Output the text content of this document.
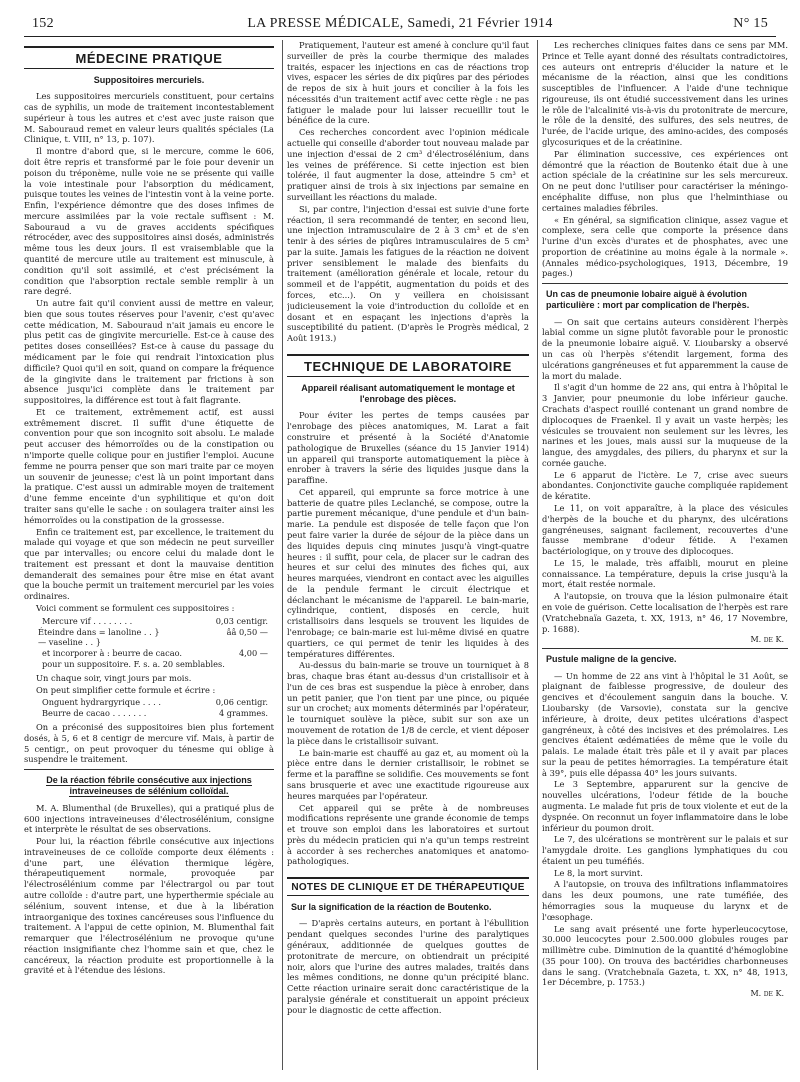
152	LA PRESSE MÉDICALE, Samedi, 21 Février 1914	N° 15
MÉDECINE PRATIQUE
Suppositoires mercuriels.

Les suppositoires mercuriels constituent, pour certains cas de syphilis, un mode de traitement incontestablement supérieur à tous les autres et c'est avec juste raison que M. Sabouraud remet en valeur leurs qualités spéciales (La Clinique, t. VIII, n° 13, p. 107).

Il montre d'abord que, si le mercure, comme le 606, doit être repris et transformé par le foie pour devenir un poison du tréponème, nulle voie ne se présente qui vaille la voie intestinale pour l'absorption du médicament, puisque toutes les veines de l'intestin vont à la veine porte. Enfin, l'expérience démontre que des doses infimes de mercure assimilées par la voie rectale suffisent : M. Sabouraud a vu de graves accidents spécifiques rétrocéder, avec des suppositoires ainsi dosés, administrés même tous les deux jours. Il est vraisemblable que la quantité de mercure utile au traitement est minuscule, à condition qu'il soit assimilé, et c'est précisément la condition que l'absorption rectale semble remplir à un rare degré.

Un autre fait qu'il convient aussi de mettre en valeur, bien que sous toutes réserves pour l'avenir, c'est qu'avec cette médication, M. Sabouraud n'ait jamais eu encore le plus petit cas de gingivite mercurielle. Est-ce à cause des petites doses conseillées? Est-ce à cause du passage du médicament par le foie qui rendrait l'intoxication plus difficile? Quoi qu'il en soit, quand on compare la fréquence de la gingivite dans le traitement par frictions à son absence jusqu'ici complète dans le traitement par suppositoires, la différence est tout à fait flagrante.

Et ce traitement, extrêmement actif, est aussi extrêmement discret. Il suffit d'une étiquette de convention pour que son incognito soit absolu. Le malade peut accuser des hémorroïdes ou de la constipation ou n'importe quelle colique pour en justifier l'emploi. Aucune femme ne pourra penser que son mari traite par ce moyen un souvenir de jeunesse; c'est là un point important dans la pratique. C'est aussi un admirable moyen de traitement d'une femme enceinte d'un syphilitique et qu'on doit traiter sans qu'elle le sache : on soulagera traiter ainsi les hémorroïdes ou la constipation de la grossesse.

Enfin ce traitement est, par excellence, le traitement du malade qui voyage et que son médecin ne peut surveiller que par intervalles; ou encore celui du malade dont le traitement est pressant et dont la mauvaise dentition demanderait des semaines pour être mise en état avant que la bouche permit un traitement mercuriel par les voies ordinaires.

Voici comment se formulent ces suppositoires :

Mercure vif . . . . . . . .	0,03 centigr.
Éteindre dans = lanoline . . }	ââ 0,50 —
— vaseline . . }
et incorporer à : beurre de cacao.	4,00 —
pour un suppositoire. F. s. a. 20 semblables.

Un chaque soir, vingt jours par mois.

On peut simplifier cette formule et écrire :

Onguent hydrargyrique . . . .	0,06 centigr.
Beurre de cacao . . . . . . .	4 grammes.

On a préconisé des suppositoires bien plus fortement dosés, à 5, 6 et 8 centigr de mercure vif. Mais, à partir de 5 centigr., on peut provoquer du ténesme qui oblige à suspendre le traitement.

De la réaction fébrile consécutive aux injections intraveineuses de sélénium colloïdal.

M. A. Blumenthal (de Bruxelles), qui a pratiqué plus de 600 injections intraveineuses d'électrosélénium, consigne et interprète le résultat de ses observations.

Pour lui, la réaction fébrile consécutive aux injections intraveineuses de ce colloïde comporte deux éléments : d'une part, une élévation thermique légère, thérapeutiquement normale, provoquée par l'électrosélénium comme par l'électrargol ou par tout autre colloïde : d'autre part, une hyperthermie spéciale au sélénium, souvent intense, et due à la libération intraorganique des toxines cancéreuses sous l'influence du traitement. A l'appui de cette opinion, M. Blumenthal fait remarquer que l'électrosélénium ne provoque qu'une réaction insignifiante chez l'homme sain et que, chez le cancéreux, la réaction produite est proportionnelle à la gravité et à l'étendue des lésions.

Pratiquement, l'auteur est amené à conclure qu'il faut surveiller de près la courbe thermique des malades traités, espacer les injections en cas de réactions trop vives, espacer les séries de dix piqûres par des périodes de repos de six à huit jours et concilier à la fois les nécessités d'un traitement actif avec cette règle : ne pas fatiguer le malade pour lui laisser recueillir tout le bénéfice de la cure.

Ces recherches concordent avec l'opinion médicale actuelle qui conseille d'aborder tout nouveau malade par une injection d'essai de 2 cm³ d'électrosélénium, dans les veines de préférence. Si cette injection est bien tolérée, il faut augmenter la dose, atteindre 5 cm³ et pratiquer ainsi de trois à six injections par semaine en surveillant les réactions du malade.

Si, par contre, l'injection d'essai est suivie d'une forte réaction, il sera recommandé de tenter, en second lieu, une injection intramusculaire de 2 à 3 cm³ et de s'en tenir à des séries de piqûres intramusculaires de 5 cm³ par la suite. Jamais les fatigues de la réaction ne doivent priver sensiblement le malade des bienfaits du traitement (amélioration générale et locale, retour du sommeil et de l'appétit, augmentation du poids et des forces, etc...). On y veillera en choisissant judicieusement la voie d'introduction du colloïde et en dosant et en espaçant les injections d'après la susceptibilité du patient. (D'après le Progrès médical, 2 Août 1913.)

TECHNIQUE DE LABORATOIRE
Appareil réalisant automatiquement le montage et l'enrobage des pièces.

Pour éviter les pertes de temps causées par l'enrobage des pièces anatomiques, M. Larat a fait construire et présenté à la Société d'Anatomie pathologique de Bruxelles (séance du 15 Janvier 1914) un appareil qui transporte automatiquement la pièce à enrober à travers la série des liquides jusque dans la paraffine.

Cet appareil, qui emprunte sa force motrice à une batterie de quatre piles Leclanché, se compose, outre la partie purement mécanique, d'une pendule et d'un bain-marie. La pendule est disposée de telle façon que l'on peut faire varier la durée de séjour de la pièce dans un des liquides depuis cinq minutes jusqu'à vingt-quatre heures : il suffit, pour cela, de placer sur le cadran des heures et sur celui des minutes des fiches qui, aux heures marquées, viendront en contact avec les aiguilles de la pendule fermant le circuit électrique et déclanchant le mécanisme de l'appareil. Le bain-marie, cylindrique, contient, disposés en cercle, huit cristallisoirs dans lesquels se trouvent les liquides de l'enrobage; ce bain-marie est lui-même divisé en quatre quartiers, ce qui permet de tenir les liquides à des températures différentes.

Au-dessus du bain-marie se trouve un tourniquet à 8 bras, chaque bras étant au-dessus d'un cristallisoir et à l'un de ces bras est suspendue la pièce à enrober, dans un petit panier, que l'on tient par une pince, ou piquée sur un crochet; aux moments déterminés par l'opérateur, le tourniquet soulève la pièce, subit sur son axe un mouvement de rotation de 1/8 de cercle, et vient déposer la pièce dans le cristallisoir suivant.

Le bain-marie est chauffé au gaz et, au moment où la pièce entre dans le dernier cristallisoir, le robinet se ferme et la paraffine se solidifie. Ces mouvements se font sans brusquerie et avec une exactitude rigoureuse aux heures marquées par l'opérateur.

Cet appareil qui se prête à de nombreuses modifications représente une grande économie de temps et trouve son emploi dans les laboratoires et surtout près du médecin praticien qui n'a qu'un temps restreint à accorder à ses recherches anatomiques et anatomo-pathologiques.

NOTES DE CLINIQUE ET DE THÉRAPEUTIQUE
Sur la signification de la réaction de Boutenko.

— D'après certains auteurs, en portant à l'ébullition pendant quelques secondes l'urine des paralytiques généraux, additionnée de quelques gouttes de protonitrate de mercure, on obtiendrait un précipité noir, alors que l'urine des autres malades, traités dans les mêmes conditions, ne donne qu'un précipité blanc. Cette réaction urinaire serait donc caractéristique de la paralysie générale et constituerait un appoint précieux pour le diagnostic de cette affection.

Les recherches cliniques faites dans ce sens par MM. Prince et Telle ayant donné des résultats contradictoires, ces auteurs ont entrepris d'élucider la nature et le mécanisme de la réaction, ainsi que les conditions susceptibles de l'influencer. A l'aide d'une technique rigoureuse, ils ont étudié successivement dans les urines le rôle de l'alcalinité vis-à-vis du protonitrate de mercure, le rôle de la densité, des sulfures, des sels neutres, de l'urée, de l'acide urique, des amino-acides, des composés glycosuriques et de la créatinine.

Par élimination successive, ces expériences ont démontré que la réaction de Boutenko était due à une action spéciale de la créatinine sur les sels mercureux. On ne peut donc l'utiliser pour caractériser la méningo-encéphalite diffuse, non plus que l'helminthiase ou certaines maladies fébriles.

« En général, sa signification clinique, assez vague et complexe, sera celle que comporte la présence dans l'urine d'un excès d'urates et de phosphates, avec une proportion de créatinine au moins égale à la normale ». (Annales médico-psychologiques, 1913, Décembre, 19 pages.)

Un cas de pneumonie lobaire aiguë à évolution particulière : mort par complication de l'herpès.

— On sait que certains auteurs considèrent l'herpès labial comme un signe plutôt favorable pour le pronostic de la pneumonie lobaire aiguë. V. Lioubarsky a observé un cas où l'herpès s'étendit largement, forma des ulcérations gangréneuses et fut apparemment la cause de la mort du malade.

Il s'agit d'un homme de 22 ans, qui entra à l'hôpital le 3 Janvier, pour pneumonie du lobe inférieur gauche. Crachats d'aspect rouillé contenant un grand nombre de diplocoques de Fraenkel. Il y avait un vaste herpès; les vésicules se trouvaient non seulement sur les lèvres, les narines et les joues, mais aussi sur la muqueuse de la langue, des amygdales, des piliers, du pharynx et sur la cornée gauche.

Le 6 apparut de l'ictère. Le 7, crise avec sueurs abondantes. Conjonctivite gauche compliquée rapidement de kératite.

Le 11, on voit apparaître, à la place des vésicules d'herpès de la bouche et du pharynx, des ulcérations gangréneuses, saignant facilement, recouvertes d'une fausse membrane d'odeur fétide. A l'examen bactériologique, on y trouve des diplocoques.

Le 15, le malade, très affaibli, mourut en pleine connaissance. La température, depuis la crise jusqu'à la mort, était restée normale.

A l'autopsie, on trouva que la lésion pulmonaire était en voie de guérison. Cette localisation de l'herpès est rare (Vratchebnaïa Gazeta, t. XX, 1913, n° 46, 17 Novembre, p. 1688).

M. de K.
Pustule maligne de la gencive.

— Un homme de 22 ans vint à l'hôpital le 31 Août, se plaignant de faiblesse progressive, de douleur des gencives et d'écoulement sanguin dans la bouche. V. Lioubarsky (de Varsovie), constata sur la gencive inférieure, à droite, deux petites ulcérations d'aspect gangréneux, à côté des incisives et des prémolaires. Les gencives étaient œdématiées de même que le voile du palais. Le malade était très pâle et il y avait par places sur la peau de petites hémorragies. La température était à 39°, puis elle dépassa 40° les jours suivants.

Le 3 Septembre, apparurent sur la gencive de nouvelles ulcérations, l'odeur fétide de la bouche augmenta. Le malade fut pris de toux violente et eut de la dyspnée. On reconnut un foyer inflammatoire dans le lobe inférieur du poumon droit.

Le 7, des ulcérations se montrèrent sur le palais et sur l'amygdale droite. Les ganglions lymphatiques du cou étaient un peu tuméfiés.

Le 8, la mort survint.

A l'autopsie, on trouva des infiltrations inflammatoires dans les deux poumons, une rate tuméfiée, des hémorragies sous la muqueuse du larynx et de l'œsophage.

Le sang avait présenté une forte hyperleucocytose, 30.000 leucocytes pour 2.500.000 globules rouges par millimètre cube. Diminution de la quantité d'hémoglobine (35 pour 100). On trouva des bactéridies charbonneuses dans le sang. (Vratchebnaïa Gazeta, t. XX, n° 48, 1913, 1er Décembre, p. 1753.)

M. de K.
